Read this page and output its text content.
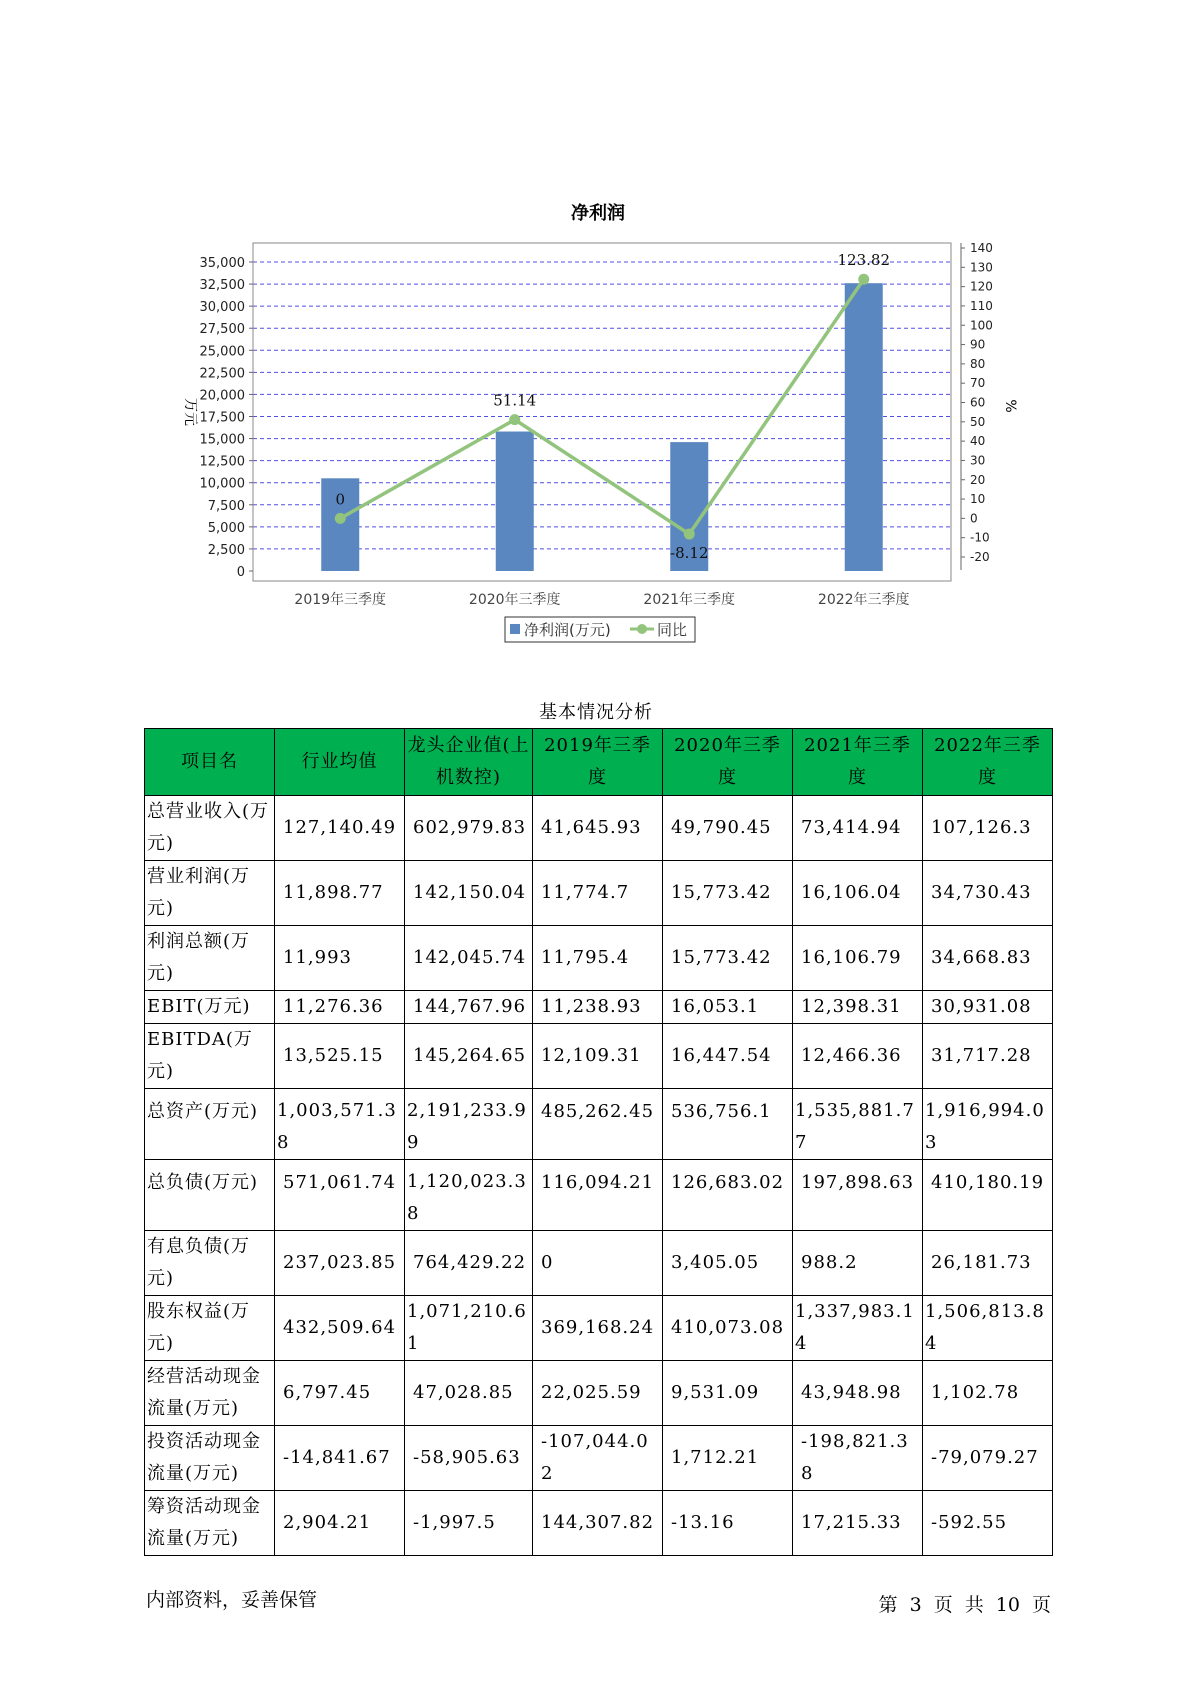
净利润
0
2,500
5,000
7,500
10,000
12,500
15,000
17,500
20,000
22,500
25,000
27,500
30,000
32,500
35,000
-20
-10
0
10
20
30
40
50
60
70
80
90
100
110
120
130
140
万元	%
0
51.14
-8.12
123.82
2019年三季度	2020年三季度	2021年三季度	2022年三季度
净利润(万元)	同比
基本情况分析
项目名	行业均值	龙头企业值(上机数控)	2019年三季度	2020年三季度	2021年三季度	2022年三季度
总营业收入(万元)	127,140.49	602,979.83	41,645.93	49,790.45	73,414.94	107,126.3
营业利润(万元)	11,898.77	142,150.04	11,774.7	15,773.42	16,106.04	34,730.43
利润总额(万元)	11,993	142,045.74	11,795.4	15,773.42	16,106.79	34,668.83
EBIT(万元)	11,276.36	144,767.96	11,238.93	16,053.1	12,398.31	30,931.08
EBITDA(万元)	13,525.15	145,264.65	12,109.31	16,447.54	12,466.36	31,717.28
总资产(万元)	1,003,571.38	2,191,233.99	485,262.45	536,756.1	1,535,881.77	1,916,994.03
总负债(万元)	571,061.74	1,120,023.38	116,094.21	126,683.02	197,898.63	410,180.19
有息负债(万元)	237,023.85	764,429.22	0	3,405.05	988.2	26,181.73
股东权益(万元)	432,509.64	1,071,210.61	369,168.24	410,073.08	1,337,983.14	1,506,813.84
经营活动现金流量(万元)	6,797.45	47,028.85	22,025.59	9,531.09	43,948.98	1,102.78
投资活动现金流量(万元)	-14,841.67	-58,905.63	-107,044.02	1,712.21	-198,821.38	-79,079.27
筹资活动现金流量(万元)	2,904.21	-1,997.5	144,307.82	-13.16	17,215.33	-592.55
内部资料，妥善保管	第 3 页 共 10 页
